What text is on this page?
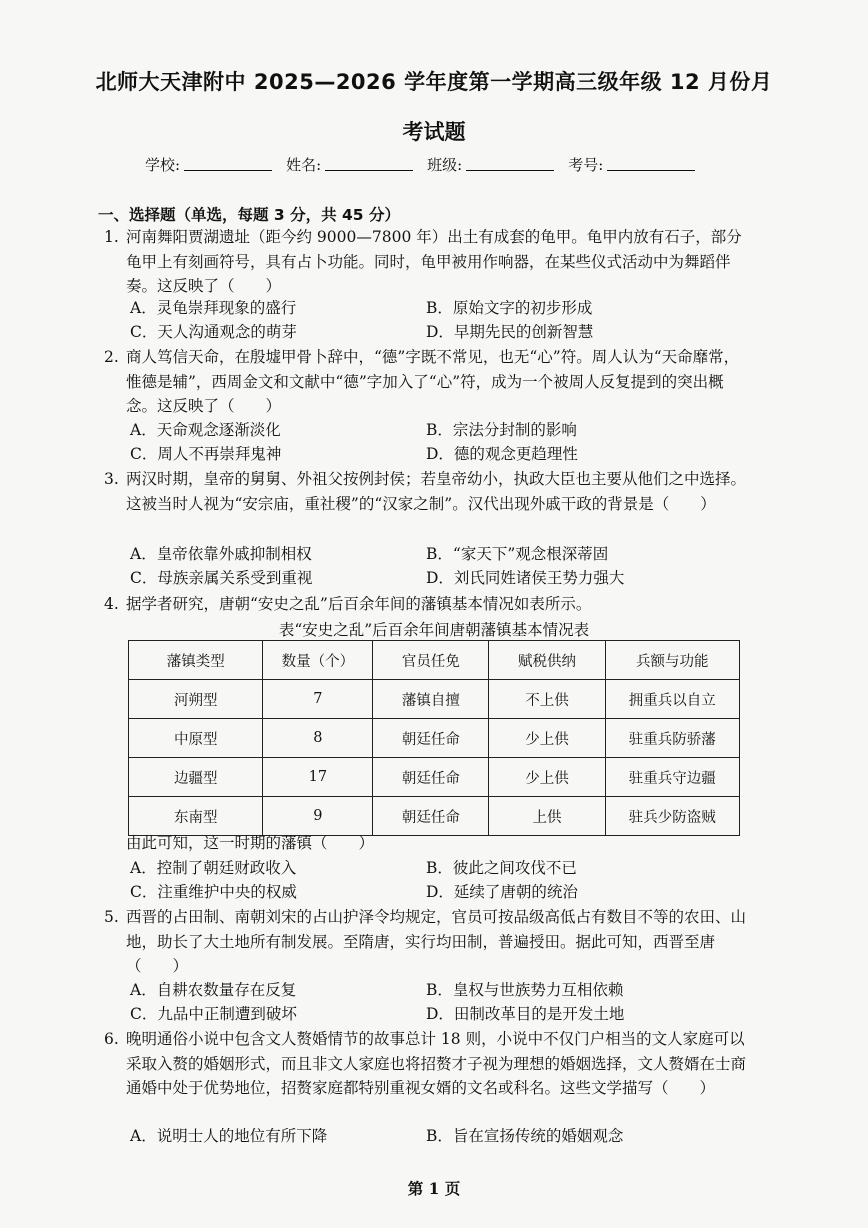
北师大天津附中 2025—2026 学年度第一学期高三级年级 12 月份月
考试题
学校:	姓名:	班级:	考号:
一、选择题（单选，每题 3 分，共 45 分）
1. 河南舞阳贾湖遗址（距今约 9000—7800 年）出土有成套的龟甲。龟甲内放有石子，部分龟甲上有刻画符号，具有占卜功能。同时，龟甲被用作响器，在某些仪式活动中为舞蹈伴奏。这反映了（　　）
A．灵龟崇拜现象的盛行	B．原始文字的初步形成
C．天人沟通观念的萌芽	D．早期先民的创新智慧
2. 商人笃信天命，在殷墟甲骨卜辞中，“德”字既不常见，也无“心”符。周人认为“天命靡常，惟德是辅”，西周金文和文献中“德”字加入了“心”符，成为一个被周人反复提到的突出概念。这反映了（　　）
A．天命观念逐渐淡化	B．宗法分封制的影响
C．周人不再崇拜鬼神	D．德的观念更趋理性
3. 两汉时期，皇帝的舅舅、外祖父按例封侯；若皇帝幼小，执政大臣也主要从他们之中选择。这被当时人视为“安宗庙，重社稷”的“汉家之制”。汉代出现外戚干政的背景是（　　）
A．皇帝依靠外戚抑制相权	B．“家天下”观念根深蒂固
C．母族亲属关系受到重视	D．刘氏同姓诸侯王势力强大
4. 据学者研究，唐朝“安史之乱”后百余年间的藩镇基本情况如表所示。
表“安史之乱”后百余年间唐朝藩镇基本情况表
藩镇类型	数量（个）	官员任免	赋税供纳	兵额与功能
河朔型	7	藩镇自擅	不上供	拥重兵以自立
中原型	8	朝廷任命	少上供	驻重兵防骄藩
边疆型	17	朝廷任命	少上供	驻重兵守边疆
东南型	9	朝廷任命	上供	驻兵少防盗贼
由此可知，这一时期的藩镇（　　）
A．控制了朝廷财政收入	B．彼此之间攻伐不已
C．注重维护中央的权威	D．延续了唐朝的统治
5. 西晋的占田制、南朝刘宋的占山护泽令均规定，官员可按品级高低占有数目不等的农田、山地，助长了大土地所有制发展。至隋唐，实行均田制，普遍授田。据此可知，西晋至唐（　　）
A．自耕农数量存在反复	B．皇权与世族势力互相依赖
C．九品中正制遭到破坏	D．田制改革目的是开发土地
6. 晚明通俗小说中包含文人赘婚情节的故事总计 18 则，小说中不仅门户相当的文人家庭可以采取入赘的婚姻形式，而且非文人家庭也将招赘才子视为理想的婚姻选择，文人赘婿在士商通婚中处于优势地位，招赘家庭都特别重视女婿的文名或科名。这些文学描写（　　）
A．说明士人的地位有所下降	B．旨在宣扬传统的婚姻观念
第 1 页
